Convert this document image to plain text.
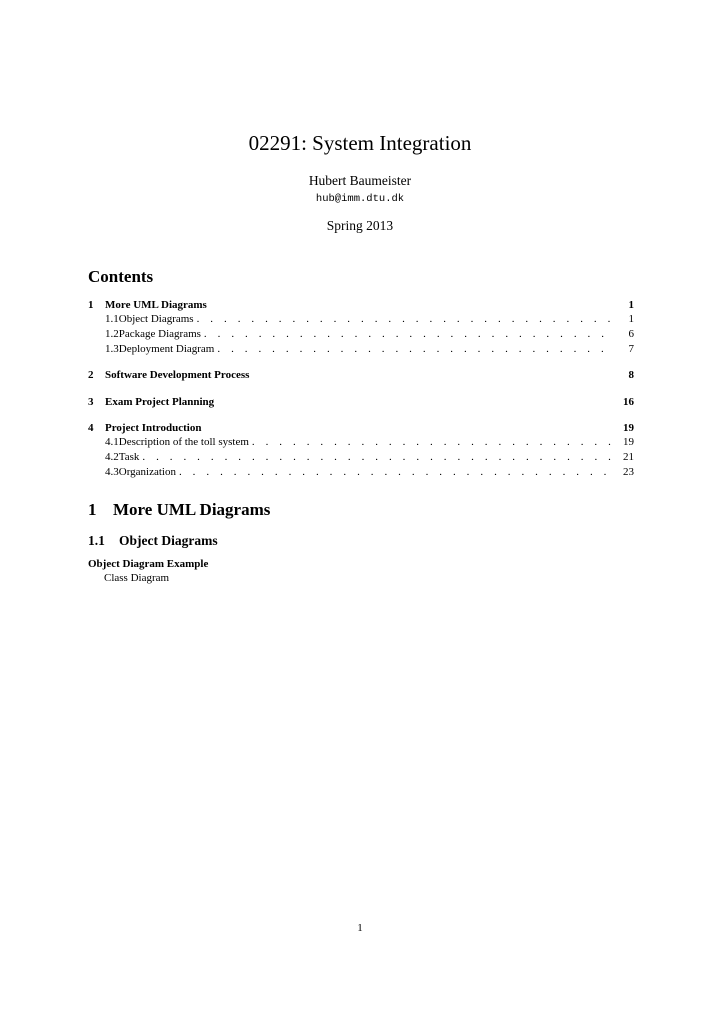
02291: System Integration
Hubert Baumeister
hub@imm.dtu.dk
Spring 2013
Contents
1	More UML Diagrams	1
1.1 Object Diagrams . . .	1
1.2 Package Diagrams . . .	6
1.3 Deployment Diagram . . .	7
2	Software Development Process	8
3	Exam Project Planning	16
4	Project Introduction	19
4.1 Description of the toll system . . .	19
4.2 Task . . .	21
4.3 Organization . . .	23
1 More UML Diagrams
1.1 Object Diagrams
Object Diagram Example
Class Diagram
1
